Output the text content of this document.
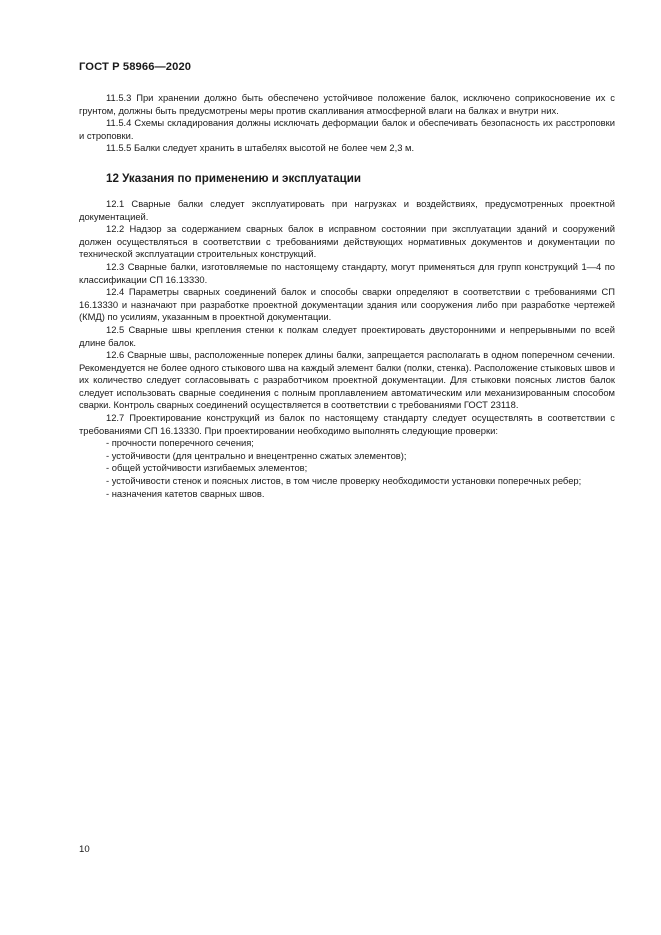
ГОСТ Р 58966—2020

11.5.3 При хранении должно быть обеспечено устойчивое положение балок, исключено соприкосновение их с грунтом, должны быть предусмотрены меры против скапливания атмосферной влаги на балках и внутри них.

11.5.4 Схемы складирования должны исключать деформации балок и обеспечивать безопасность их расстроповки и строповки.

11.5.5 Балки следует хранить в штабелях высотой не более чем 2,3 м.

12 Указания по применению и эксплуатации

12.1 Сварные балки следует эксплуатировать при нагрузках и воздействиях, предусмотренных проектной документацией.

12.2 Надзор за содержанием сварных балок в исправном состоянии при эксплуатации зданий и сооружений должен осуществляться в соответствии с требованиями действующих нормативных документов и документации по технической эксплуатации строительных конструкций.

12.3 Сварные балки, изготовляемые по настоящему стандарту, могут применяться для групп конструкций 1—4 по классификации СП 16.13330.

12.4 Параметры сварных соединений балок и способы сварки определяют в соответствии с требованиями СП 16.13330 и назначают при разработке проектной документации здания или сооружения либо при разработке чертежей (КМД) по усилиям, указанным в проектной документации.

12.5 Сварные швы крепления стенки к полкам следует проектировать двусторонними и непрерывными по всей длине балок.

12.6 Сварные швы, расположенные поперек длины балки, запрещается располагать в одном поперечном сечении. Рекомендуется не более одного стыкового шва на каждый элемент балки (полки, стенка). Расположение стыковых швов и их количество следует согласовывать с разработчиком проектной документации. Для стыковки поясных листов балок следует использовать сварные соединения с полным проплавлением автоматическим или механизированным способом сварки. Контроль сварных соединений осуществляется в соответствии с требованиями ГОСТ 23118.

12.7 Проектирование конструкций из балок по настоящему стандарту следует осуществлять в соответствии с требованиями СП 16.13330. При проектировании необходимо выполнять следующие проверки:

- прочности поперечного сечения;

- устойчивости (для центрально и внецентренно сжатых элементов);

- общей устойчивости изгибаемых элементов;

- устойчивости стенок и поясных листов, в том числе проверку необходимости установки поперечных ребер;

- назначения катетов сварных швов.

10
